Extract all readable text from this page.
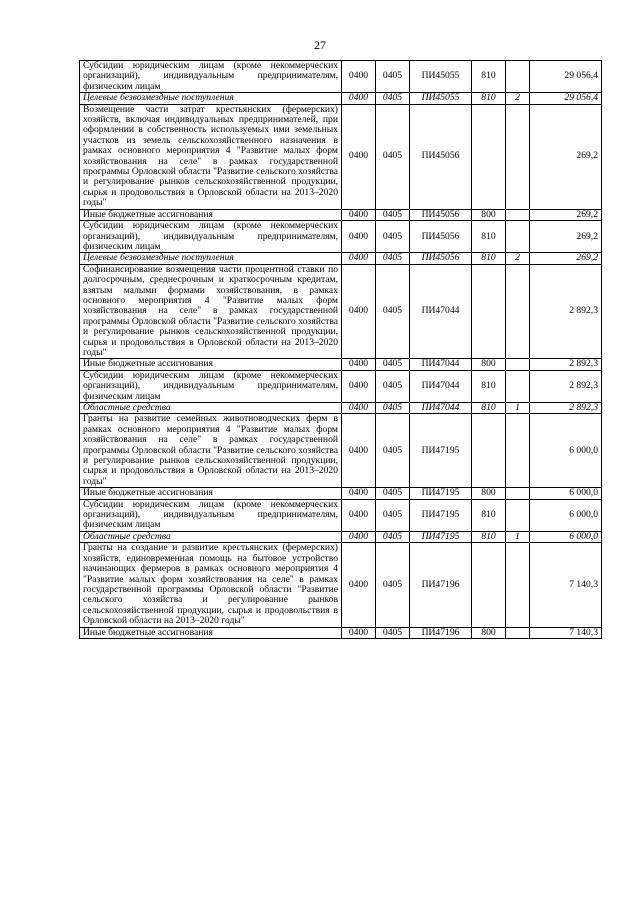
27
Субсидии юридическим лицам (кроме некоммерческих организаций), индивидуальным предпринимателям, физическим лицам	0400	0405	ПИ45055	810		29 056,4
Целевые безвозмездные поступления	0400	0405	ПИ45055	810	2	29 056,4
Возмещение части затрат крестьянских (фермерских) хозяйств, включая индивидуальных предпринимателей, при оформлении в собственность используемых ими земельных участков из земель сельскохозяйственного назначения в рамках основного мероприятия 4 "Развитие малых форм хозяйствования на селе" в рамках государственной программы Орловской области "Развитие сельского хозяйства и регулирование рынков сельскохозяйственной продукции, сырья и продовольствия в Орловской области на 2013–2020 годы"	0400	0405	ПИ45056			269,2
Иные бюджетные ассигнования	0400	0405	ПИ45056	800		269,2
Субсидии юридическим лицам (кроме некоммерческих организаций), индивидуальным предпринимателям, физическим лицам	0400	0405	ПИ45056	810		269,2
Целевые безвозмездные поступления	0400	0405	ПИ45056	810	2	269,2
Софинансирование возмещения части процентной ставки по долгосрочным, среднесрочным и краткосрочным кредитам, взятым малыми формами хозяйствования, в рамках основного мероприятия 4 "Развитие малых форм хозяйствования на селе" в рамках государственной программы Орловской области "Развитие сельского хозяйства и регулирование рынков сельскохозяйственной продукции, сырья и продовольствия в Орловской области на 2013–2020 годы"	0400	0405	ПИ47044			2 892,3
Иные бюджетные ассигнования	0400	0405	ПИ47044	800		2 892,3
Субсидии юридическим лицам (кроме некоммерческих организаций), индивидуальным предпринимателям, физическим лицам	0400	0405	ПИ47044	810		2 892,3
Областные средства	0400	0405	ПИ47044	810	1	2 892,3
Гранты на развитие семейных животноводческих ферм в рамках основного мероприятия 4 "Развитие малых форм хозяйствования на селе" в рамках государственной программы Орловской области "Развитие сельского хозяйства и регулирование рынков сельскохозяйственной продукции, сырья и продовольствия в Орловской области на 2013–2020 годы"	0400	0405	ПИ47195			6 000,0
Иные бюджетные ассигнования	0400	0405	ПИ47195	800		6 000,0
Субсидии юридическим лицам (кроме некоммерческих организаций), индивидуальным предпринимателям, физическим лицам	0400	0405	ПИ47195	810		6 000,0
Областные средства	0400	0405	ПИ47195	810	1	6 000,0
Гранты на создание и развитие крестьянских (фермерских) хозяйств, единовременная помощь на бытовое устройство начинающих фермеров в рамках основного мероприятия 4 "Развитие малых форм хозяйствования на селе" в рамках государственной программы Орловской области "Развитие сельского хозяйства и регулирование рынков сельскохозяйственной продукции, сырья и продовольствия в Орловской области на 2013–2020 годы"	0400	0405	ПИ47196			7 140,3
Иные бюджетные ассигнования	0400	0405	ПИ47196	800		7 140,3
